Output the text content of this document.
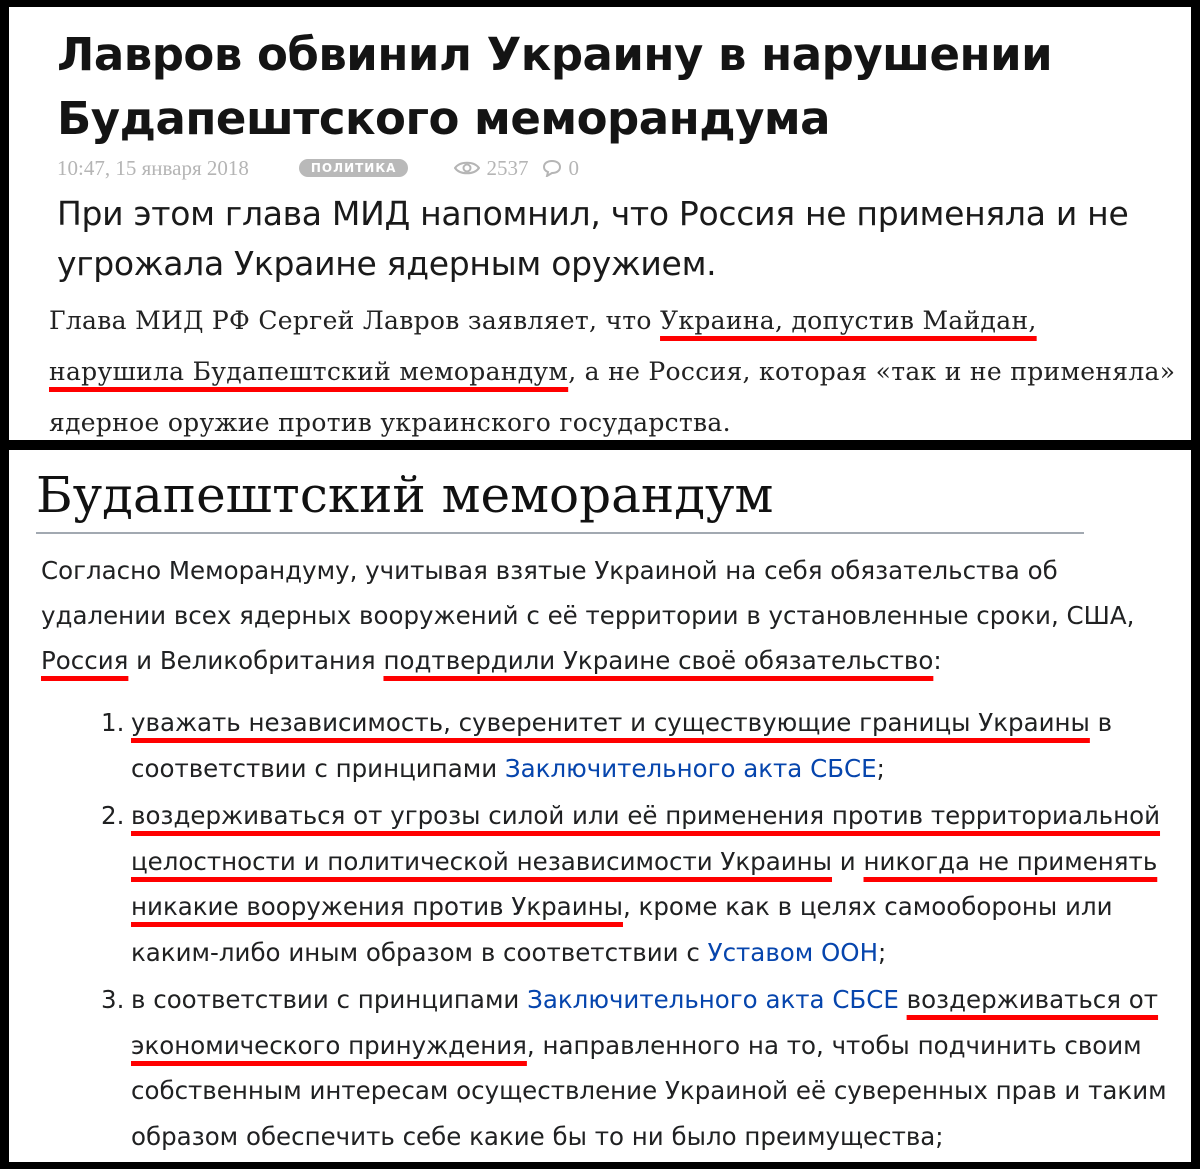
Лавров обвинил Украину в нарушении Будапештского меморандума
10:47, 15 января 2018	ПОЛИТИКА	2537 0

При этом глава МИД напомнил, что Россия не применяла и не угрожала Украине ядерным оружием.

Глава МИД РФ Сергей Лавров заявляет, что Украина, допустив Майдан, нарушила Будапештский меморандум, а не Россия, которая «так и не применяла» ядерное оружие против украинского государства.

Будапештский меморандум

Согласно Меморандуму, учитывая взятые Украиной на себя обязательства об удалении всех ядерных вооружений с её территории в установленные сроки, США, Россия и Великобритания подтвердили Украине своё обязательство:

1. уважать независимость, суверенитет и существующие границы Украины в соответствии с принципами Заключительного акта СБСЕ;
2. воздерживаться от угрозы силой или её применения против территориальной целостности и политической независимости Украины и никогда не применять никакие вооружения против Украины, кроме как в целях самообороны или каким-либо иным образом в соответствии с Уставом ООН;
3. в соответствии с принципами Заключительного акта СБСЕ воздерживаться от экономического принуждения, направленного на то, чтобы подчинить своим собственным интересам осуществление Украиной её суверенных прав и таким образом обеспечить себе какие бы то ни было преимущества;
